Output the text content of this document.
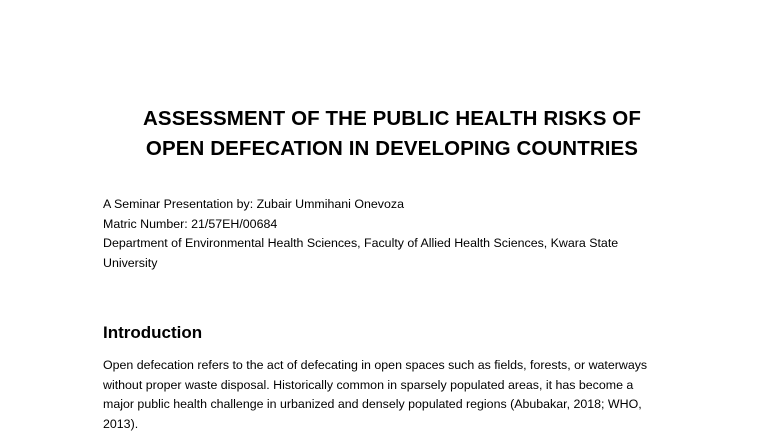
ASSESSMENT OF THE PUBLIC HEALTH RISKS OF
OPEN DEFECATION IN DEVELOPING COUNTRIES
A Seminar Presentation by: Zubair Ummihani Onevoza
Matric Number: 21/57EH/00684
Department of Environmental Health Sciences, Faculty of Allied Health Sciences, Kwara State
University
Introduction
Open defecation refers to the act of defecating in open spaces such as fields, forests, or waterways
without proper waste disposal. Historically common in sparsely populated areas, it has become a
major public health challenge in urbanized and densely populated regions (Abubakar, 2018; WHO,
2013).
